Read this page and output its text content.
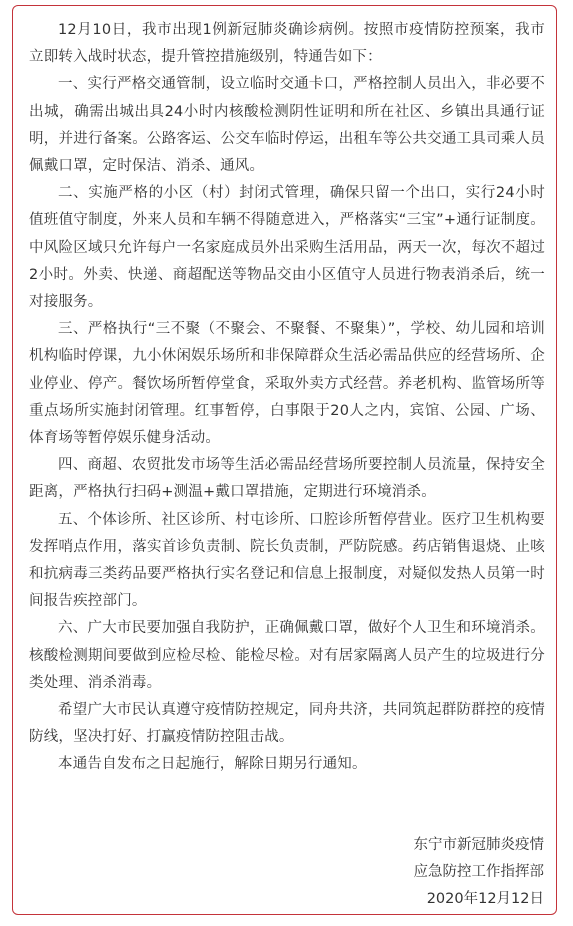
12月10日，我市出现1例新冠肺炎确诊病例。按照市疫情防控预案，我市立即转入战时状态，提升管控措施级别，特通告如下：

一、实行严格交通管制，设立临时交通卡口，严格控制人员出入，非必要不出城，确需出城出具24小时内核酸检测阴性证明和所在社区、乡镇出具通行证明，并进行备案。公路客运、公交车临时停运，出租车等公共交通工具司乘人员佩戴口罩，定时保洁、消杀、通风。

二、实施严格的小区（村）封闭式管理，确保只留一个出口，实行24小时值班值守制度，外来人员和车辆不得随意进入，严格落实“三宝”+通行证制度。中风险区域只允许每户一名家庭成员外出采购生活用品，两天一次，每次不超过2小时。外卖、快递、商超配送等物品交由小区值守人员进行物表消杀后，统一对接服务。

三、严格执行“三不聚（不聚会、不聚餐、不聚集）”，学校、幼儿园和培训机构临时停课，九小休闲娱乐场所和非保障群众生活必需品供应的经营场所、企业停业、停产。餐饮场所暂停堂食，采取外卖方式经营。养老机构、监管场所等重点场所实施封闭管理。红事暂停，白事限于20人之内，宾馆、公园、广场、体育场等暂停娱乐健身活动。

四、商超、农贸批发市场等生活必需品经营场所要控制人员流量，保持安全距离，严格执行扫码+测温+戴口罩措施，定期进行环境消杀。

五、个体诊所、社区诊所、村屯诊所、口腔诊所暂停营业。医疗卫生机构要发挥哨点作用，落实首诊负责制、院长负责制，严防院感。药店销售退烧、止咳和抗病毒三类药品要严格执行实名登记和信息上报制度，对疑似发热人员第一时间报告疾控部门。

六、广大市民要加强自我防护，正确佩戴口罩，做好个人卫生和环境消杀。核酸检测期间要做到应检尽检、能检尽检。对有居家隔离人员产生的垃圾进行分类处理、消杀消毒。

希望广大市民认真遵守疫情防控规定，同舟共济，共同筑起群防群控的疫情防线，坚决打好、打赢疫情防控阻击战。

本通告自发布之日起施行，解除日期另行通知。

东宁市新冠肺炎疫情
应急防控工作指挥部
2020年12月12日
